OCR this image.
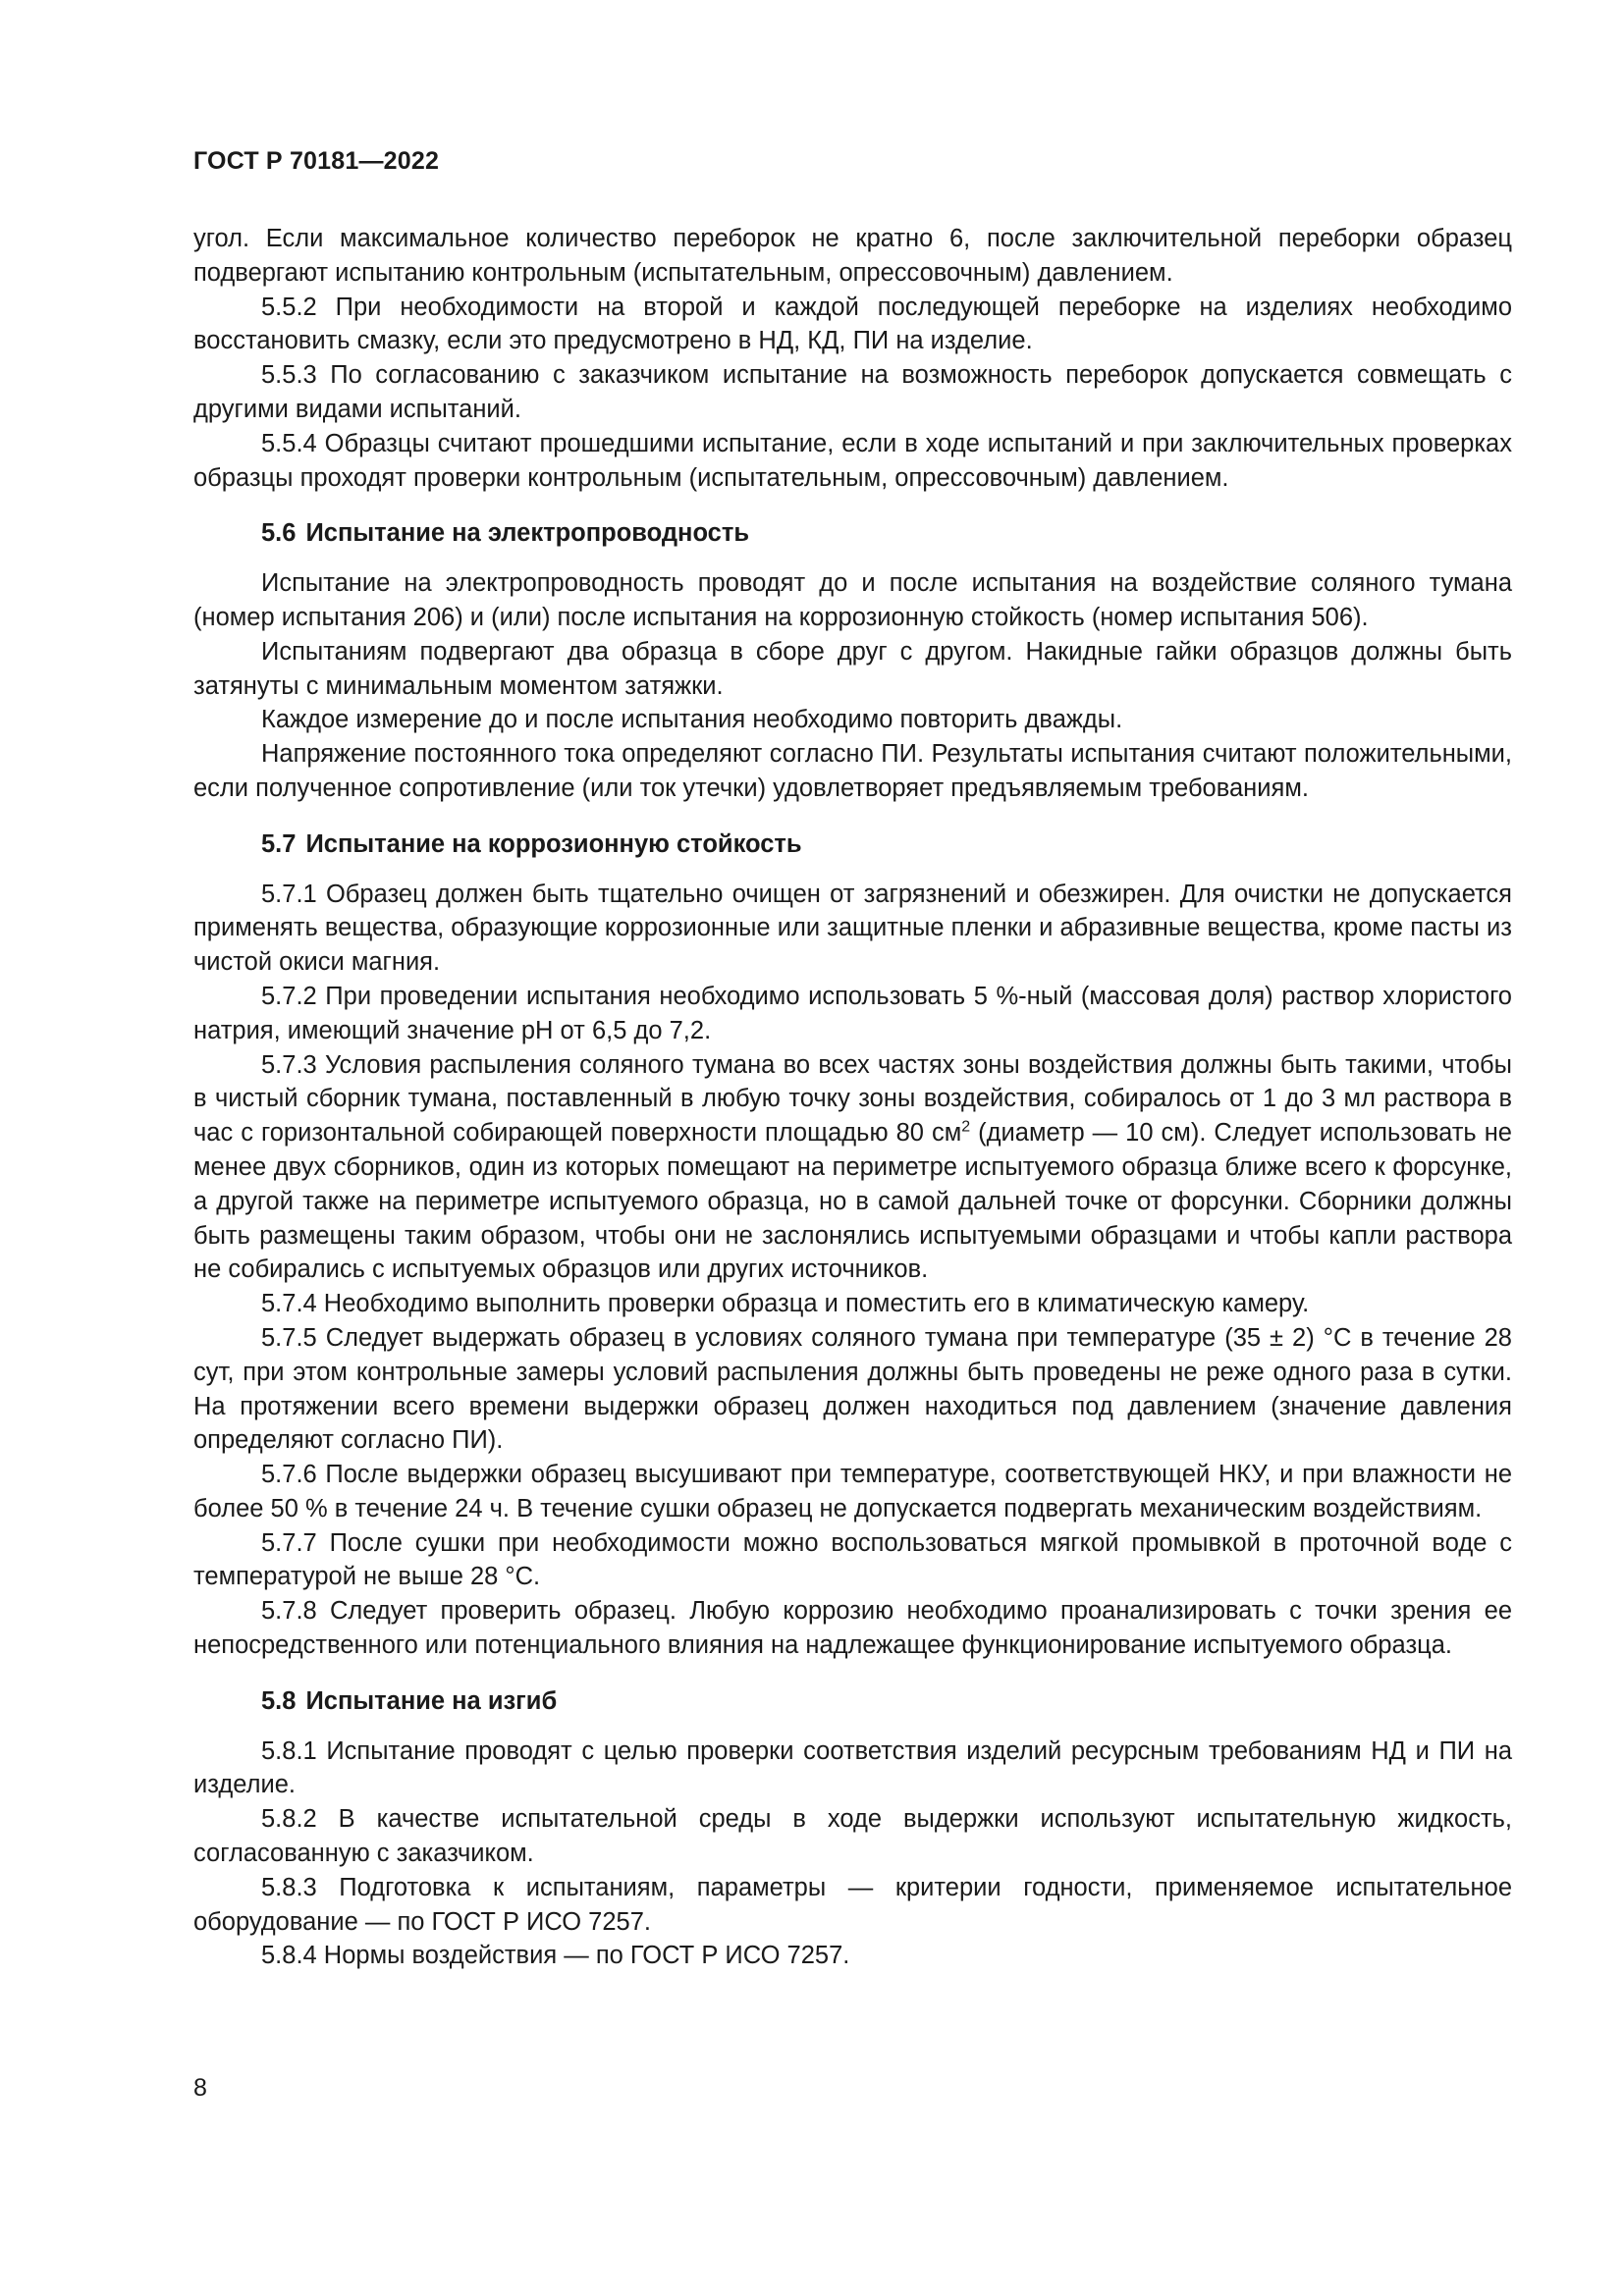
ГОСТ Р 70181—2022

угол. Если максимальное количество переборок не кратно 6, после заключительной переборки образец подвергают испытанию контрольным (испытательным, опрессовочным) давлением.

5.5.2 При необходимости на второй и каждой последующей переборке на изделиях необходимо восстановить смазку, если это предусмотрено в НД, КД, ПИ на изделие.

5.5.3 По согласованию с заказчиком испытание на возможность переборок допускается совмещать с другими видами испытаний.

5.5.4 Образцы считают прошедшими испытание, если в ходе испытаний и при заключительных проверках образцы проходят проверки контрольным (испытательным, опрессовочным) давлением.

5.6 Испытание на электропроводность

Испытание на электропроводность проводят до и после испытания на воздействие соляного тумана (номер испытания 206) и (или) после испытания на коррозионную стойкость (номер испытания 506).

Испытаниям подвергают два образца в сборе друг с другом. Накидные гайки образцов должны быть затянуты с минимальным моментом затяжки.

Каждое измерение до и после испытания необходимо повторить дважды.

Напряжение постоянного тока определяют согласно ПИ. Результаты испытания считают положительными, если полученное сопротивление (или ток утечки) удовлетворяет предъявляемым требованиям.

5.7 Испытание на коррозионную стойкость

5.7.1 Образец должен быть тщательно очищен от загрязнений и обезжирен. Для очистки не допускается применять вещества, образующие коррозионные или защитные пленки и абразивные вещества, кроме пасты из чистой окиси магния.

5.7.2 При проведении испытания необходимо использовать 5 %-ный (массовая доля) раствор хлористого натрия, имеющий значение pH от 6,5 до 7,2.

5.7.3 Условия распыления соляного тумана во всех частях зоны воздействия должны быть такими, чтобы в чистый сборник тумана, поставленный в любую точку зоны воздействия, собиралось от 1 до 3 мл раствора в час с горизонтальной собирающей поверхности площадью 80 $см^2$ (диаметр — 10 см). Следует использовать не менее двух сборников, один из которых помещают на периметре испытуемого образца ближе всего к форсунке, а другой также на периметре испытуемого образца, но в самой дальней точке от форсунки. Сборники должны быть размещены таким образом, чтобы они не заслонялись испытуемыми образцами и чтобы капли раствора не собирались с испытуемых образцов или других источников.

5.7.4 Необходимо выполнить проверки образца и поместить его в климатическую камеру.

5.7.5 Следует выдержать образец в условиях соляного тумана при температуре (35 ± 2) °С в течение 28 сут, при этом контрольные замеры условий распыления должны быть проведены не реже одного раза в сутки. На протяжении всего времени выдержки образец должен находиться под давлением (значение давления определяют согласно ПИ).

5.7.6 После выдержки образец высушивают при температуре, соответствующей НКУ, и при влажности не более 50 % в течение 24 ч. В течение сушки образец не допускается подвергать механическим воздействиям.

5.7.7 После сушки при необходимости можно воспользоваться мягкой промывкой в проточной воде с температурой не выше 28 °С.

5.7.8 Следует проверить образец. Любую коррозию необходимо проанализировать с точки зрения ее непосредственного или потенциального влияния на надлежащее функционирование испытуемого образца.

5.8 Испытание на изгиб

5.8.1 Испытание проводят с целью проверки соответствия изделий ресурсным требованиям НД и ПИ на изделие.

5.8.2 В качестве испытательной среды в ходе выдержки используют испытательную жидкость, согласованную с заказчиком.

5.8.3 Подготовка к испытаниям, параметры — критерии годности, применяемое испытательное оборудование — по ГОСТ Р ИСО 7257.

5.8.4 Нормы воздействия — по ГОСТ Р ИСО 7257.

8
